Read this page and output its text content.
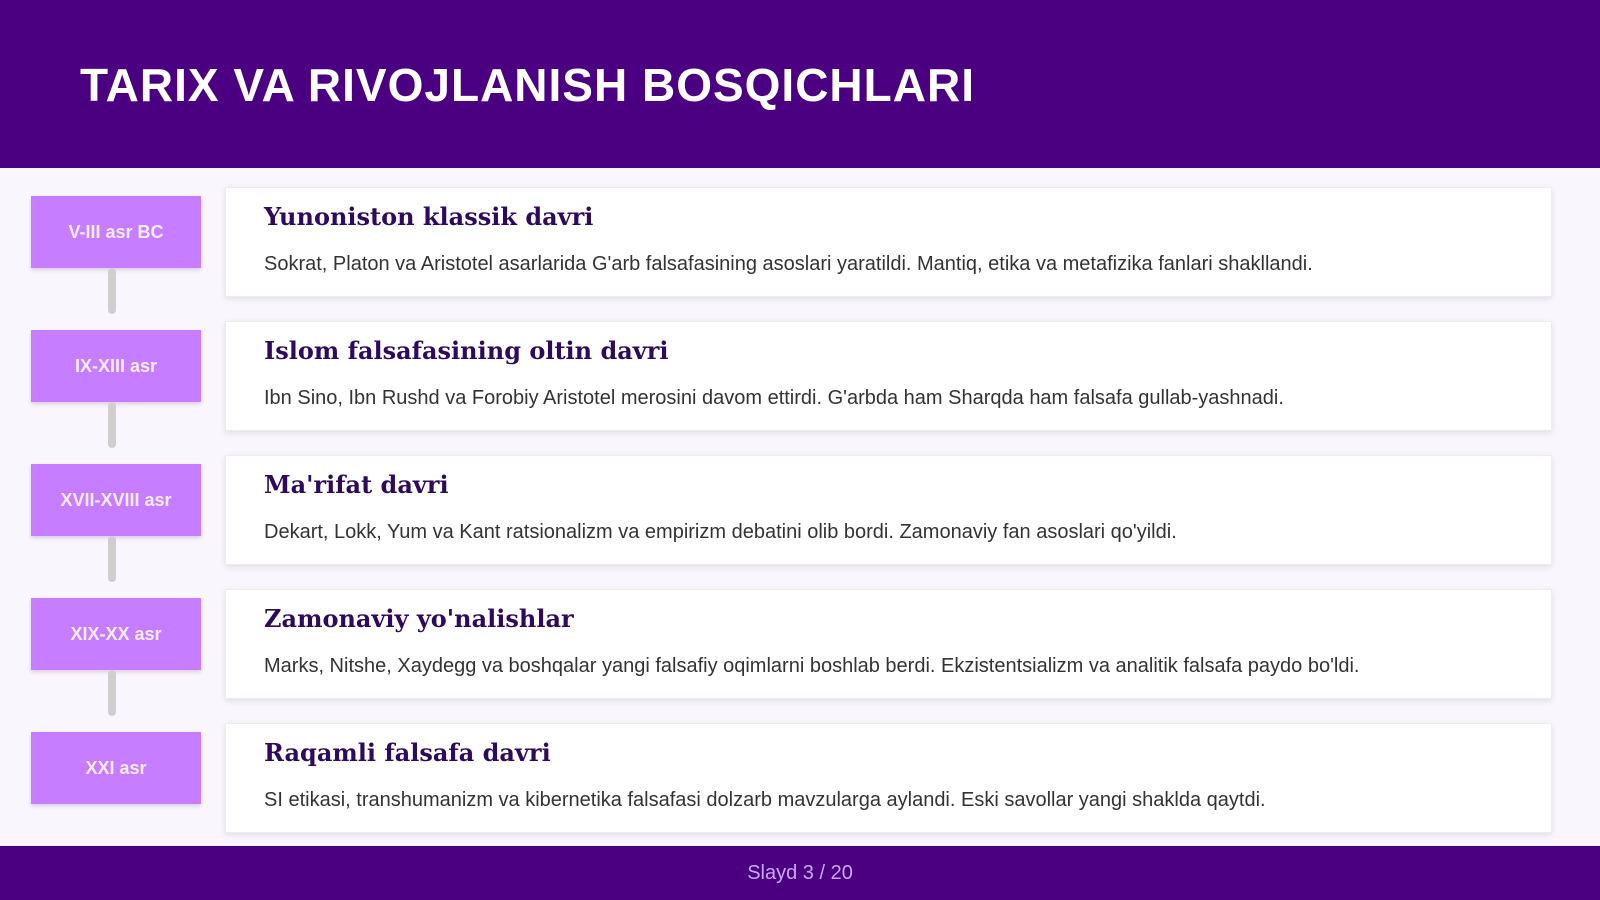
TARIX VA RIVOJLANISH BOSQICHLARI
V-III asr BC
Yunoniston klassik davri

Sokrat, Platon va Aristotel asarlarida G'arb falsafasining asoslari yaratildi. Mantiq, etika va metafizika fanlari shakllandi.

IX-XIII asr
Islom falsafasining oltin davri

Ibn Sino, Ibn Rushd va Forobiy Aristotel merosini davom ettirdi. G'arbda ham Sharqda ham falsafa gullab-yashnadi.

XVII-XVIII asr
Ma'rifat davri

Dekart, Lokk, Yum va Kant ratsionalizm va empirizm debatini olib bordi. Zamonaviy fan asoslari qo'yildi.

XIX-XX asr
Zamonaviy yo'nalishlar

Marks, Nitshe, Xaydegg va boshqalar yangi falsafiy oqimlarni boshlab berdi. Ekzistentsializm va analitik falsafa paydo bo'ldi.

XXI asr
Raqamli falsafa davri

SI etikasi, transhumanizm va kibernetika falsafasi dolzarb mavzularga aylandi. Eski savollar yangi shaklda qaytdi.

Slayd 3 / 20
